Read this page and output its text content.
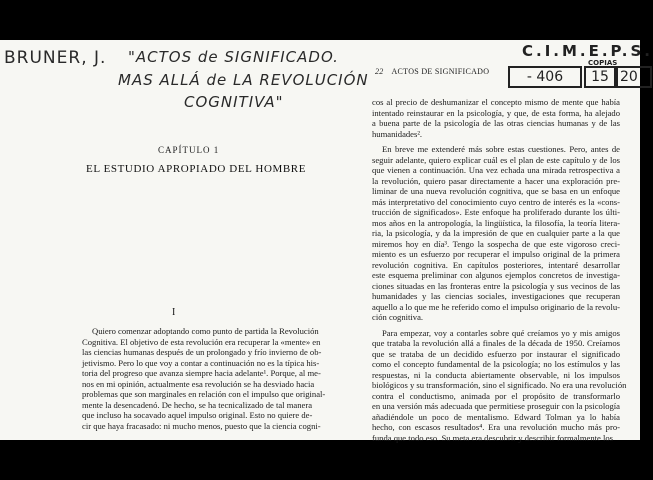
BRUNER, J. "ACTOS de SIGNIFICADO.
MAS ALLÁ de LA REVOLUCIÓN
COGNITIVA"
C.I.M.E.P.S.
COPIAS
- 406	15 20
22 ACTOS DE SIGNIFICADO
CAPÍTULO 1
EL ESTUDIO APROPIADO DEL HOMBRE
I
Quiero comenzar adoptando como punto de partida la Revolución
Cognitiva. El objetivo de esta revolución era recuperar la «mente» en
las ciencias humanas después de un prolongado y frío invierno de ob-
jetivismo. Pero lo que voy a contar a continuación no es la típica his-
toria del progreso que avanza siempre hacia adelante¹. Porque, al me-
nos en mi opinión, actualmente esa revolución se ha desviado hacia
problemas que son marginales en relación con el impulso que original-
mente la desencadenó. De hecho, se ha tecnicalizado de tal manera
que incluso ha socavado aquel impulso original. Esto no quiere de-
cir que haya fracasado: ni mucho menos, puesto que la ciencia cogni-
cos al precio de deshumanizar el concepto mismo de mente que había
intentado reinstaurar en la psicología, y que, de esta forma, ha alejado
a buena parte de la psicología de las otras ciencias humanas y de las
humanidades².
En breve me extenderé más sobre estas cuestiones. Pero, antes de
seguir adelante, quiero explicar cuál es el plan de este capítulo y de los
que vienen a continuación. Una vez echada una mirada retrospectiva a
la revolución, quiero pasar directamente a hacer una exploración pre-
liminar de una nueva revolución cognitiva, que se basa en un enfoque
más interpretativo del conocimiento cuyo centro de interés es la «cons-
trucción de significados». Este enfoque ha proliferado durante los últi-
mos años en la antropología, la lingüística, la filosofía, la teoría litera-
ria, la psicología, y da la impresión de que en cualquier parte a la que
miremos hoy en día³. Tengo la sospecha de que este vigoroso creci-
miento es un esfuerzo por recuperar el impulso original de la primera
revolución cognitiva. En capítulos posteriores, intentaré desarrollar
este esquema preliminar con algunos ejemplos concretos de investiga-
ciones situadas en las fronteras entre la psicología y sus vecinos de las
humanidades y las ciencias sociales, investigaciones que recuperan
aquello a lo que me he referido como el impulso originario de la revolu-
ción cognitiva.
Para empezar, voy a contarles sobre qué creíamos yo y mis amigos
que trataba la revolución allá a finales de la década de 1950. Creíamos
que se trataba de un decidido esfuerzo por instaurar el significado
como el concepto fundamental de la psicología; no los estímulos y las
respuestas, ni la conducta abiertamente observable, ni los impulsos
biológicos y su transformación, sino el significado. No era una revolución
contra el conductismo, animada por el propósito de transformarlo
en una versión más adecuada que permitiese proseguir con la psicología
añadiéndole un poco de mentalismo. Edward Tolman ya lo había
hecho, con escasos resultados⁴. Era una revolución mucho más pro-
funda que todo eso. Su meta era descubrir y describir formalmente los
